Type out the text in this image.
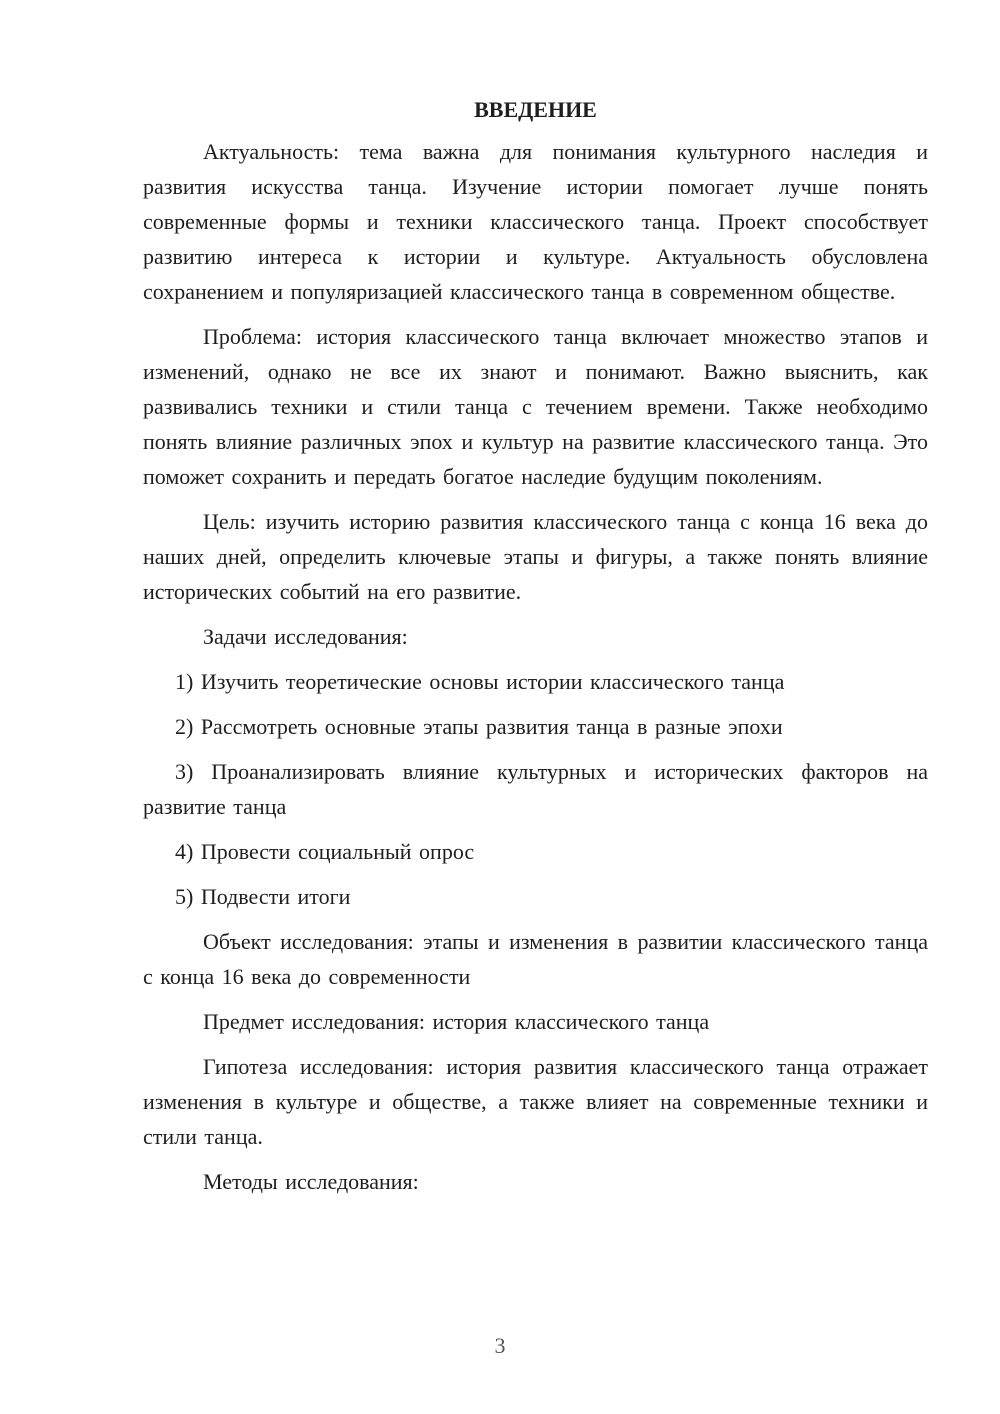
ВВЕДЕНИЕ

Актуальность: тема важна для понимания культурного наследия и развития искусства танца. Изучение истории помогает лучше понять современные формы и техники классического танца. Проект способствует развитию интереса к истории и культуре. Актуальность обусловлена сохранением и популяризацией классического танца в современном обществе.

Проблема: история классического танца включает множество этапов и изменений, однако не все их знают и понимают. Важно выяснить, как развивались техники и стили танца с течением времени. Также необходимо понять влияние различных эпох и культур на развитие классического танца. Это поможет сохранить и передать богатое наследие будущим поколениям.

Цель: изучить историю развития классического танца с конца 16 века до наших дней, определить ключевые этапы и фигуры, а также понять влияние исторических событий на его развитие.

Задачи исследования:

1) Изучить теоретические основы истории классического танца

2) Рассмотреть основные этапы развития танца в разные эпохи

3) Проанализировать влияние культурных и исторических факторов на развитие танца

4) Провести социальный опрос

5) Подвести итоги

Объект исследования: этапы и изменения в развитии классического танца с конца 16 века до современности

Предмет исследования: история классического танца

Гипотеза исследования: история развития классического танца отражает изменения в культуре и обществе, а также влияет на современные техники и стили танца.

Методы исследования:

3
